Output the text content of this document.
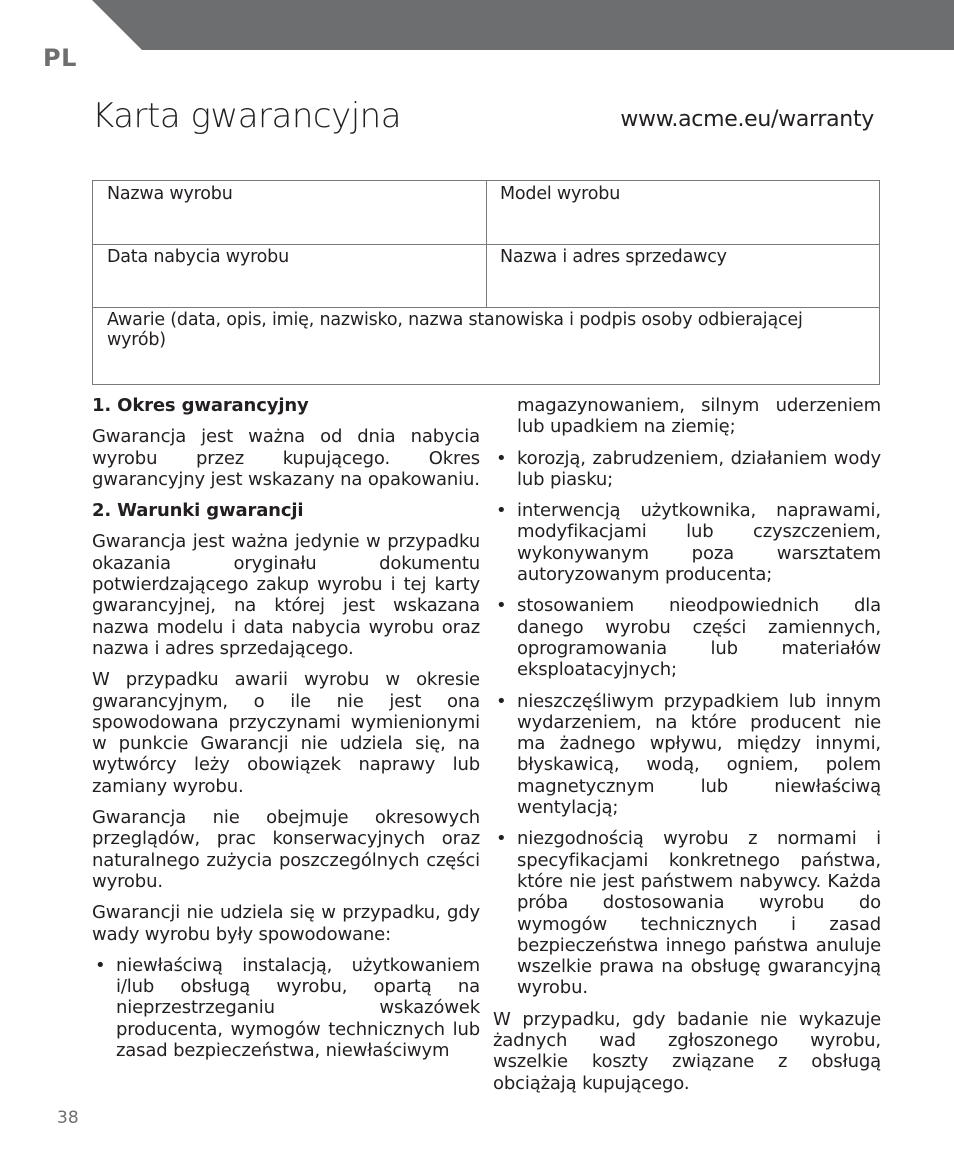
PL
Karta gwarancyjna	www.acme.eu/warranty
Nazwa wyrobu	Model wyrobu
Data nabycia wyrobu	Nazwa i adres sprzedawcy
Awarie (data, opis, imię, nazwisko, nazwa stanowiska i podpis osoby odbierającej wyrób)
1. Okres gwarancyjny

Gwarancja jest ważna od dnia nabycia wyrobu przez kupującego. Okres gwarancyjny jest wskazany na opakowaniu.

2. Warunki gwarancji

Gwarancja jest ważna jedynie w przypadku okazania oryginału dokumentu potwierdzającego zakup wyrobu i tej karty gwarancyjnej, na której jest wskazana nazwa modelu i data nabycia wyrobu oraz nazwa i adres sprzedającego.

W przypadku awarii wyrobu w okresie gwarancyjnym, o ile nie jest ona spowodowana przyczynami wymienionymi w punkcie Gwarancji nie udziela się, na wytwórcy leży obowiązek naprawy lub zamiany wyrobu.

Gwarancja nie obejmuje okresowych przeglądów, prac konserwacyjnych oraz naturalnego zużycia poszczególnych części wyrobu.

Gwarancji nie udziela się w przypadku, gdy wady wyrobu były spowodowane:

• niewłaściwą instalacją, użytkowaniem i/lub obsługą wyrobu, opartą na nieprzestrzeganiu wskazówek producenta, wymogów technicznych lub zasad bezpieczeństwa, niewłaściwym
magazynowaniem, silnym uderzeniem lub upadkiem na ziemię;
• korozją, zabrudzeniem, działaniem wody lub piasku;
• interwencją użytkownika, naprawami, modyfikacjami lub czyszczeniem, wykonywanym poza warsztatem autoryzowanym producenta;
• stosowaniem nieodpowiednich dla danego wyrobu części zamiennych, oprogramowania lub materiałów eksploatacyjnych;
• nieszczęśliwym przypadkiem lub innym wydarzeniem, na które producent nie ma żadnego wpływu, między innymi, błyskawicą, wodą, ogniem, polem magnetycznym lub niewłaściwą wentylacją;
• niezgodnością wyrobu z normami i specyfikacjami konkretnego państwa, które nie jest państwem nabywcy. Każda próba dostosowania wyrobu do wymogów technicznych i zasad bezpieczeństwa innego państwa anuluje wszelkie prawa na obsługę gwarancyjną wyrobu.

W przypadku, gdy badanie nie wykazuje żadnych wad zgłoszonego wyrobu, wszelkie koszty związane z obsługą obciążają kupującego.

38
